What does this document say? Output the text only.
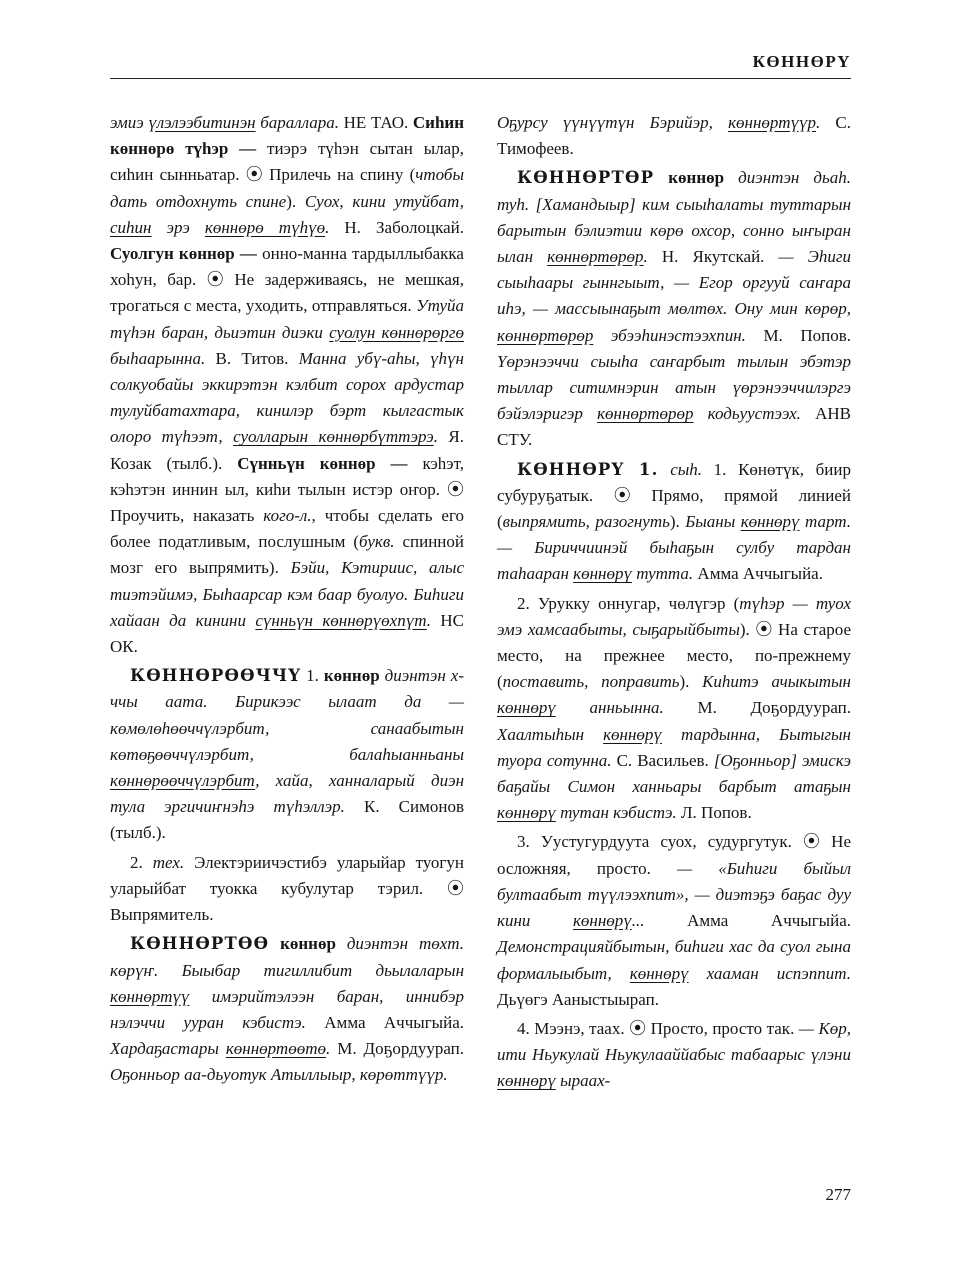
КӨННӨРҮ

эмиэ үлэлээбитинэн бараллара. НЕ ТАО. Сиһин көннөрө түһэр — тиэрэ түһэн сытан ылар, сиһин сынньатар. ⦿ Прилечь на спину (чтобы дать отдохнуть спине). Суох, кини утуйбат, сиһин эрэ көннөрө түһүө. Н. Заболоцкай. Суолгун көннөр — онно-манна тардыллыбакка хоһун, бар. ⦿ Не задерживаясь, не мешкая, трогаться с места, уходить, отправляться. Утуйа түһэн баран, дьиэтин диэки суолун көннөрөргө быһаарынна. В. Титов. Манна убү-аһы, үһүн солкуобайы эккирэтэн кэлбит сорох ардустар тулуйбатахтара, кинилэр бэрт кылгастык олоро түһээт, суолларын көннөрбүттэрэ. Я. Козак (тылб.). Сүнньүн көннөр — кэһэт, кэһэтэн иннин ыл, киһи тылын истэр оҥор. ⦿ Проучить, наказать кого-л., чтобы сделать его более податливым, послушным (букв. спинной мозг его выпрямить). Бэйи, Кэтириис, алыс тиэтэйимэ, Быһаарсар кэм баар буолуо. Биһиги хайаан да кинини сүнньүн көннөрүөхпүт. НС ОК.

КӨННӨРӨӨЧЧҮ 1. көннөр диэнтэн х-ччы аата. Бирикээс ылаат да — көмөлөһөөччүлэрбит, санаабытын көтөҕөөччүлэрбит, балаһыанньаны көннөрөөччүлэрбит, хайа, ханналарый диэн тула эргичиҥнэһэ түһэллэр. К. Симонов (тылб.).

2. тех. Электэриичэстибэ уларыйар туогун уларыйбат туокка кубулутар тэрил. ⦿ Выпрямитель.

КӨННӨРТӨӨ көннөр диэнтэн төхт. көрүҥ. Быыбар тигиллибит дьылаларын көннөртүү имэрийтэлээн баран, иннибэр нэлэччи ууран кэбистэ. Амма Аччыгыйа. Хардаҕастары көннөртөөтө. М. Доҕордуурап. Оҕонньор аа-дьуотук Атыллыыр, көрөттүүр.

Оҕурсу үүнүүтүн Бэрийэр, көннөртүүр. С. Тимофеев.

КӨННӨРТӨР көннөр диэнтэн дьаһ. туһ. [Хамандыыр] ким сыыһалаты туттарын барытын бэлиэтии көрө охсор, сонно ыҥыран ылан көннөртөрөр. Н. Якутскай. — Эһиги сыыһаары гыннгыыт, — Егор оргууй саҥара иһэ, — массыынаҕыт мөлтөх. Ону мин көрөр, көннөртөрөр эбээһинэстээхпин. М. Попов. Үөрэнээччи сыыһа саҥарбыт тылын эбэтэр тыллар ситимнэрин атын үөрэнээччилэргэ бэйэлэригэр көннөртөрөр кодьуустээх. АНВ СТУ.

КӨННӨРҮ 1. сыһ. 1. Көнөтүк, биир субуруҕатык. ⦿ Прямо, прямой линией (выпрямить, разогнуть). Быаны көннөрү тарт. — Бириччиинэй быһаҕын сулбу тардан таһааран көннөрү тутта. Амма Аччыгыйа.

2. Урукку оннугар, чөлүгэр (түһэр — туох эмэ хамсаабыты, сыҕарыйбыты). ⦿ На старое место, на прежнее место, по-прежнему (поставить, поправить). Киһитэ ачыкытын көннөрү анньынна. М. Доҕордуурап. Хаалтыһын көннөрү тардынна, Бытыгын туора сотунна. С. Васильев. [Оҕонньор] эмискэ баҕайы Симон ханньары барбыт атаҕын көннөрү тутан кэбистэ. Л. Попов.

3. Уустугурдуута суох, судургутук. ⦿ Не осложняя, просто. — «Биһиги быйыл бултаабыт түүлээхпит», — диэтэҕэ баҕас дуу кини көннөрү... Амма Аччыгыйа. Демонстрацияйбытын, биһиги хас да суол гына формалыыбыт, көннөрү хааман испэппит. Дьүөгэ Ааныстыырап.

4. Мээнэ, таах. ⦿ Просто, просто так. — Көр, ити Ньукулай Ньукулааййабыс табаарыс үлэни көннөрү ыраах-

277
